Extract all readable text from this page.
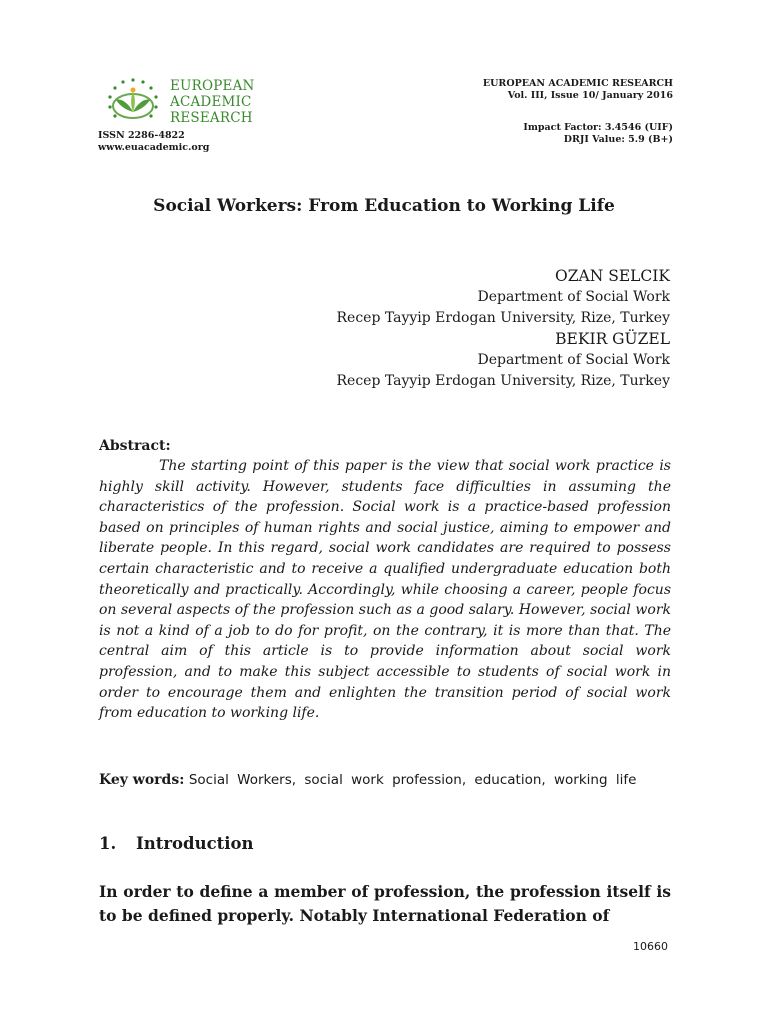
EUROPEAN
ACADEMIC
RESEARCH
ISSN 2286-4822
www.euacademic.org
EUROPEAN ACADEMIC RESEARCH
Vol. III, Issue 10/ January 2016
Impact Factor: 3.4546 (UIF)
DRJI Value: 5.9 (B+)
Social Workers: From Education to Working Life
OZAN SELCIK
Department of Social Work
Recep Tayyip Erdogan University, Rize, Turkey
BEKIR GÜZEL
Department of Social Work
Recep Tayyip Erdogan University, Rize, Turkey
Abstract:
The starting point of this paper is the view that social work practice is highly skill activity. However, students face difficulties in assuming the characteristics of the profession. Social work is a practice-based profession based on principles of human rights and social justice, aiming to empower and liberate people. In this regard, social work candidates are required to possess certain characteristic and to receive a qualified undergraduate education both theoretically and practically. Accordingly, while choosing a career, people focus on several aspects of the profession such as a good salary. However, social work is not a kind of a job to do for profit, on the contrary, it is more than that. The central aim of this article is to provide information about social work profession, and to make this subject accessible to students of social work in order to encourage them and enlighten the transition period of social work from education to working life.
Key words: Social Workers, social work profession, education, working life
1. Introduction
In order to define a member of profession, the profession itself is to be defined properly. Notably International Federation of
10660
